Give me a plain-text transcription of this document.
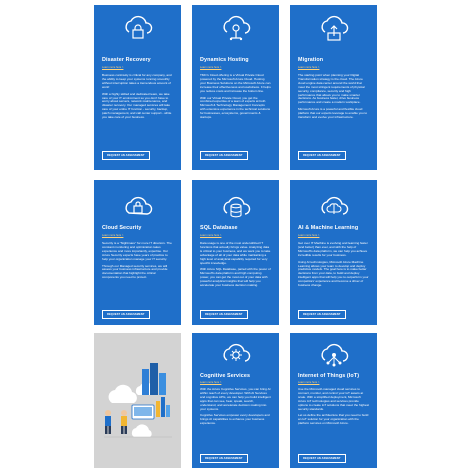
Disaster Recovery
Learn more here >

Business continuity is critical for any company, and the ability to keep your systems running smoothly without interruption takes a tremendous amount of work!

With a highly skilled and dedicated team, we take care of your IT environment so you don't have to worry about servers, network maintenance, and disaster recovery. Our managed services will take care of your entire IT function - security, backup, patch management, and call center support - while you take care of your business.

REQUEST AN ASSESSMENT
Dynamics Hosting
Learn more here >

TMC's Cloud offering is a Virtual Private Cloud powered by the Microsoft Azure Cloud. Hosting your Business Solutions on the Microsoft Azure can increase their effectiveness and usefulness. It helps you reduce costs and increase the bottom line.

With our Virtual Private Cloud, you get the combined expertise of a team of experts at both Microsoft & Technology Management Concepts with extensive experience in the technical solutions for businesses, ecosystems, governments & startups.

REQUEST AN ASSESSMENT
Migration
Learn more here >

The starting point when planning your Digital Transformation strategy is the cloud. The Azure cloud engine data center around the world that meet the most stringent requirements of physical security, compliance, security and high performance that allows you to make smarter decisions. As business faster, drive business performance and create a modern workplace.

Microsoft Azure is a powerful and flexible cloud platform that our experts leverage to enable you to transform and evolve your infrastructure.

REQUEST AN ASSESSMENT
Cloud Security
Learn more here >

Security is a "Nightmare" for more IT directors. The constant monitoring and optimization takes experience and more importantly, expertise. Our Azure Security experts have years of practice to help your organization manage your IT security.

Through our Managed security services, we will assess your business infrastructure and provide documentation that highlight the critical components you need to protect.

REQUEST AN ASSESSMENT
SQL Database
Learn more here >

Data usage is one of the most underutilized IT functions that actually brings value. Analyzing data is critical to your business, and we want you to take advantage of all of your data while maintaining a high level of analytical capability required for very specific knowledge.

With Azure SQL Database, paired with the power of Microsoft's data platform and high computing power, you can get the most out of your data with powerful analytical insights that will help you accelerate your business decision making.

REQUEST AN ASSESSMENT
AI & Machine Learning
Learn more here >

Get over IT Machine is evolving and learning faster (and better) than ever, and with the help of Microsoft's data platform, we can help you achieve incredible results for your business.

Using AI technologies, Microsoft Azure Machine Learning allows your team to develop and deploy predictive models. The goal here is to make better decisions from your data, to build and deploy intelligent apps that will help you to outperform your competitors' experience and become a driver of business change.

REQUEST AN ASSESSMENT
Cognitive Services
Learn more here >

With the Azure Cognitive Services, you can bring AI within reach of every developer. With AI Services and cognitive APIs, we can help you build intelligent apps that can see, hear, speak, search, understand, and accelerate decision making into your systems.

Cognitive Services empower every developers and brings AI capabilities to enhance your business experience.

REQUEST AN ASSESSMENT
Internet of Things (IoT)
Learn more here >

Use the Microsoft-managed cloud services to connect, monitor, and control your IoT assets at scale. With a simplified deployment, Microsoft Azure IoT technologies and services provide options to create IoT solutions that meet the highest security standards.

Let us define the architecture that you need to build an IoT solution for your organization with the platform services on Microsoft Azure.

REQUEST AN ASSESSMENT
